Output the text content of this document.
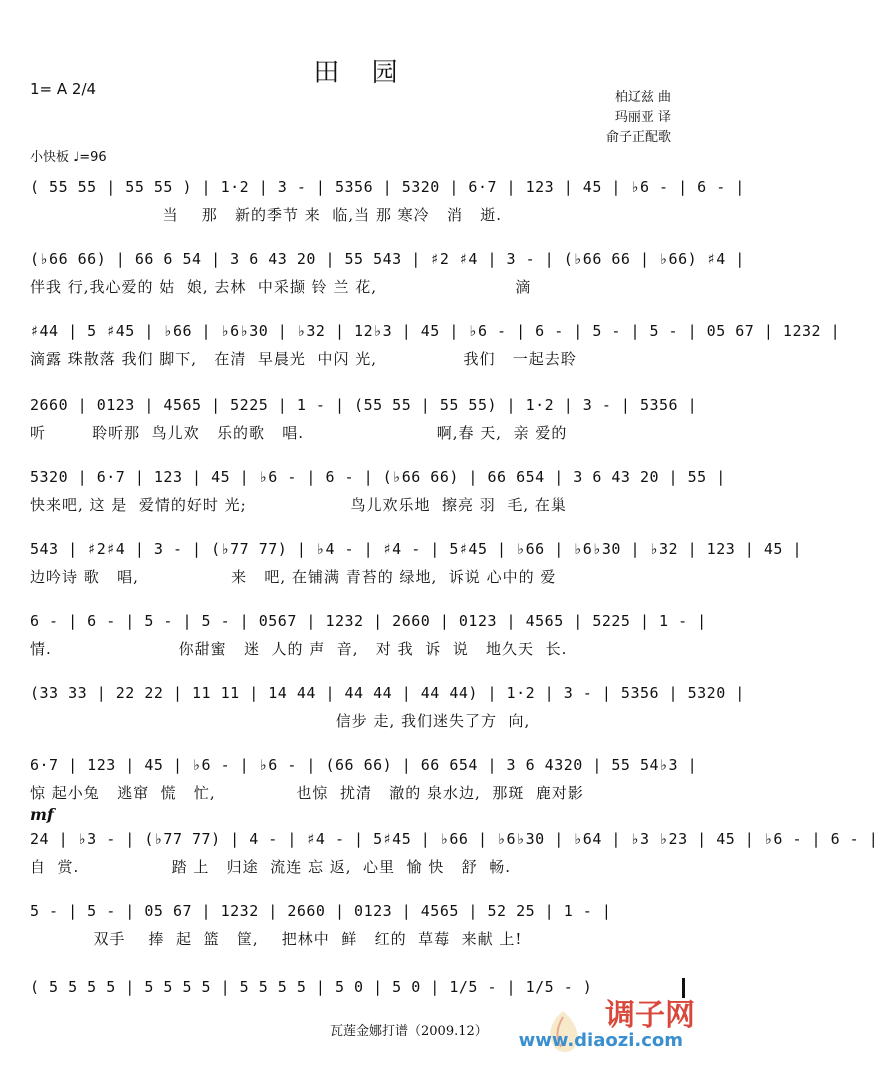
田 园
1= A 2/4	柏辽兹 曲
玛丽亚 译
俞子正配歌
小快板 ♩=96
( 55 55 | 55 55 ) | 1·2 | 3 - | 5356 | 5320 | 6·7 | 123 | 45 | ♭6 - | 6 - |
当    那   新的季节 来  临,当 那 寒冷   消   逝.
(♭66 66) | 66 6 54 | 3 6 43 20 | 55 543 | ♯2 ♯4 | 3 - | (♭66 66 | ♭66) ♯4 |
伴我 行,我心爱的 姑  娘, 去林  中采撷 铃 兰 花,                        滴
♯44 | 5 ♯45 | ♭66 | ♭6♭30 | ♭32 | 12♭3 | 45 | ♭6 - | 6 - | 5 - | 5 - | 05 67 | 1232 |
滴露 珠散落 我们 脚下,   在清  早晨光  中闪 光,               我们   一起去聆
2660 | 0123 | 4565 | 5225 | 1 - | (55 55 | 55 55) | 1·2 | 3 - | 5356 |
听        聆听那  鸟儿欢   乐的歌   唱.                       啊,春 天,  亲 爱的
5320 | 6·7 | 123 | 45 | ♭6 - | 6 - | (♭66 66) | 66 654 | 3 6 43 20 | 55 |
快来吧, 这 是  爱情的好时 光;                  鸟儿欢乐地  擦亮 羽  毛, 在巢
543 | ♯2♯4 | 3 - | (♭77 77) | ♭4 - | ♯4 - | 5♯45 | ♭66 | ♭6♭30 | ♭32 | 123 | 45 |
边吟诗 歌   唱,                来   吧, 在铺满 青苔的 绿地,  诉说 心中的 爱
6 - | 6 - | 5 - | 5 - | 0567 | 1232 | 2660 | 0123 | 4565 | 5225 | 1 - |
情.                      你甜蜜   迷  人的 声  音,   对 我  诉  说   地久天  长.
(33 33 | 22 22 | 11 11 | 14 44 | 44 44 | 44 44) | 1·2 | 3 - | 5356 | 5320 |
信步 走, 我们迷失了方  向,
6·7 | 123 | 45 | ♭6 - | ♭6 - | (66 66) | 66 654 | 3 6 4320 | 55 54♭3 |
惊 起小兔   逃窜  慌   忙,              也惊  扰清   澈的 泉水边,  那斑  鹿对影
mf
24 | ♭3 - | (♭77 77) | 4 - | ♯4 - | 5♯45 | ♭66 | ♭6♭30 | ♭64 | ♭3 ♭23 | 45 | ♭6 - | 6 - |
自  赏.                踏 上   归途  流连 忘 返,  心里  愉 快   舒  畅.
5 - | 5 - | 05 67 | 1232 | 2660 | 0123 | 4565 | 52 25 | 1 - |
双手    捧  起  篮   筐,    把林中  鲜   红的  草莓  来献 上!
( 5 5 5 5 | 5 5 5 5 | 5 5 5 5 | 5 0 | 5 0 | 1/5 - | 1/5 - )

调子网
www.diaozi.com
瓦莲金娜打谱（2009.12）
